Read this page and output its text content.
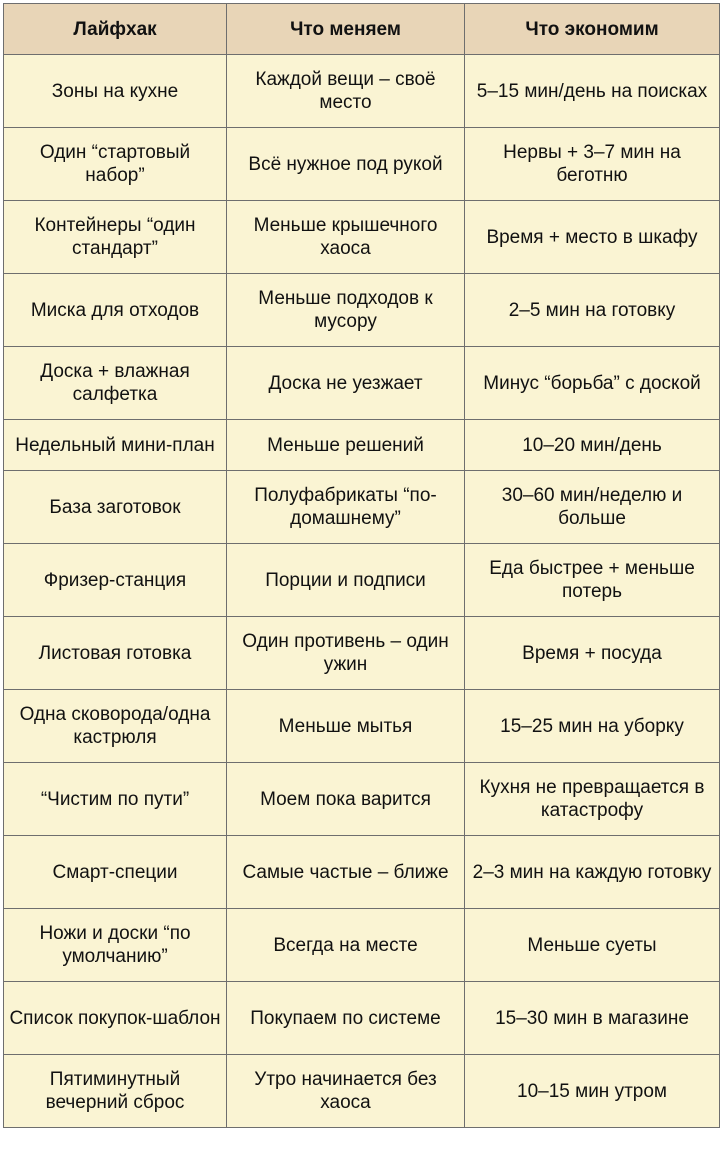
Лайфхак	Что меняем	Что экономим
Зоны на кухне	Каждой вещи – своё место	5–15 мин/день на поисках
Один “стартовый набор”	Всё нужное под рукой	Нервы + 3–7 мин на беготню
Контейнеры “один стандарт”	Меньше крышечного хаоса	Время + место в шкафу
Миска для отходов	Меньше подходов к мусору	2–5 мин на готовку
Доска + влажная салфетка	Доска не уезжает	Минус “борьба” с доской
Недельный мини-план	Меньше решений	10–20 мин/день
База заготовок	Полуфабрикаты “по-домашнему”	30–60 мин/неделю и больше
Фризер-станция	Порции и подписи	Еда быстрее + меньше потерь
Листовая готовка	Один противень – один ужин	Время + посуда
Одна сковорода/одна кастрюля	Меньше мытья	15–25 мин на уборку
“Чистим по пути”	Моем пока варится	Кухня не превращается в катастрофу
Смарт-специи	Самые частые – ближе	2–3 мин на каждую готовку
Ножи и доски “по умолчанию”	Всегда на месте	Меньше суеты
Список покупок-шаблон	Покупаем по системе	15–30 мин в магазине
Пятиминутный вечерний сброс	Утро начинается без хаоса	10–15 мин утром
